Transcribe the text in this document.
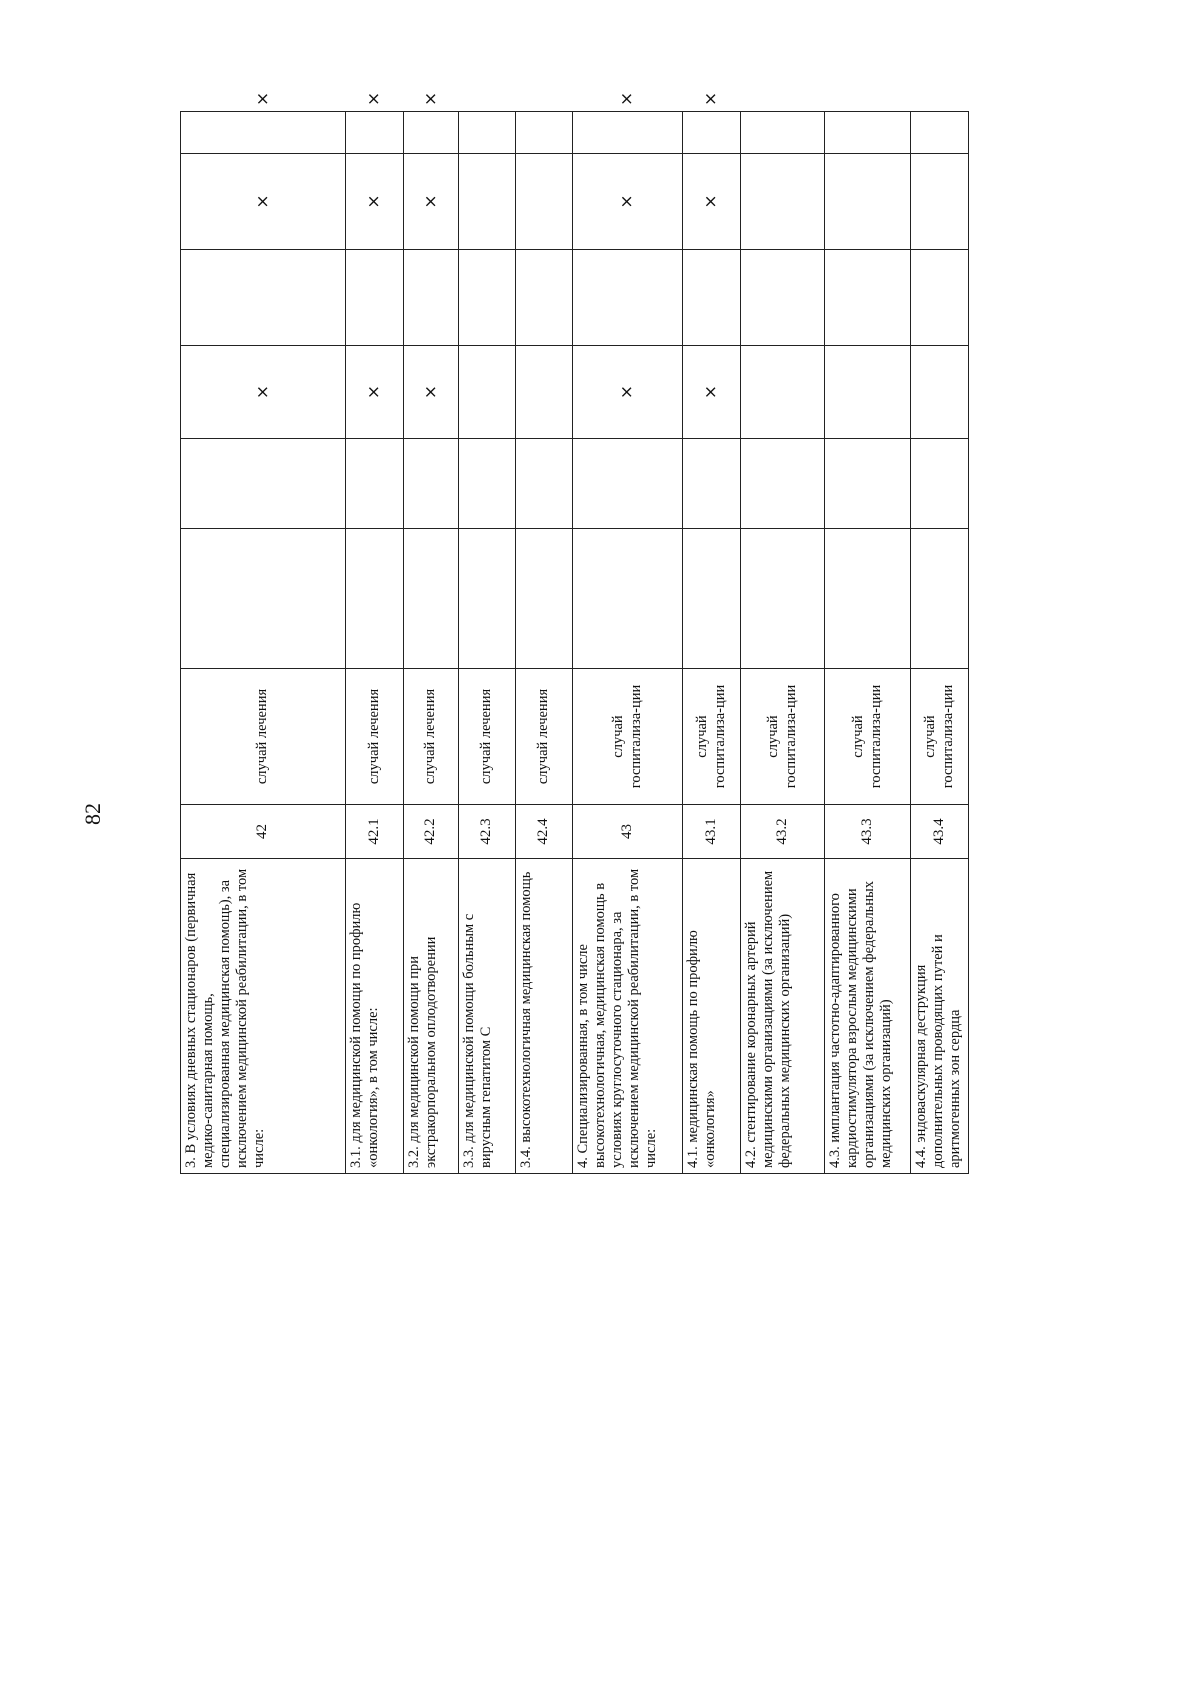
82
3. В условиях дневных стационаров (первичная медико-санитарная помощь, специализированная медицинская помощь), за исключением медицинской реабилитации, в том числе:	42	случай лечения			×		×		×
3.1. для медицинской помощи по профилю «онкология», в том числе:	42.1	случай лечения			×		×		×
3.2. для медицинской помощи при экстракорпоральном оплодотворении	42.2	случай лечения			×		×		×
3.3. для медицинской помощи больным с вирусным гепатитом С	42.3	случай лечения							
3.4. высокотехнологичная медицинская помощь	42.4	случай лечения							
4. Специализированная, в том числе высокотехнологичная, медицинская помощь в условиях круглосуточного стационара, за исключением медицинской реабилитации, в том числе:	43	случай госпитализа-ции			×		×		×
4.1. медицинская помощь по профилю «онкология»	43.1	случай госпитализа-ции			×		×		×
4.2. стентирование коронарных артерий медицинскими организациями (за исключением федеральных медицинских организаций)	43.2	случай госпитализа-ции							
4.3. имплантация частотно-адаптированного кардиостимулятора взрослым медицинскими организациями (за исключением федеральных медицинских организаций)	43.3	случай госпитализа-ции							
4.4. эндоваскулярная деструкция дополнительных проводящих путей и аритмогенных зон сердца	43.4	случай госпитализа-ции							
